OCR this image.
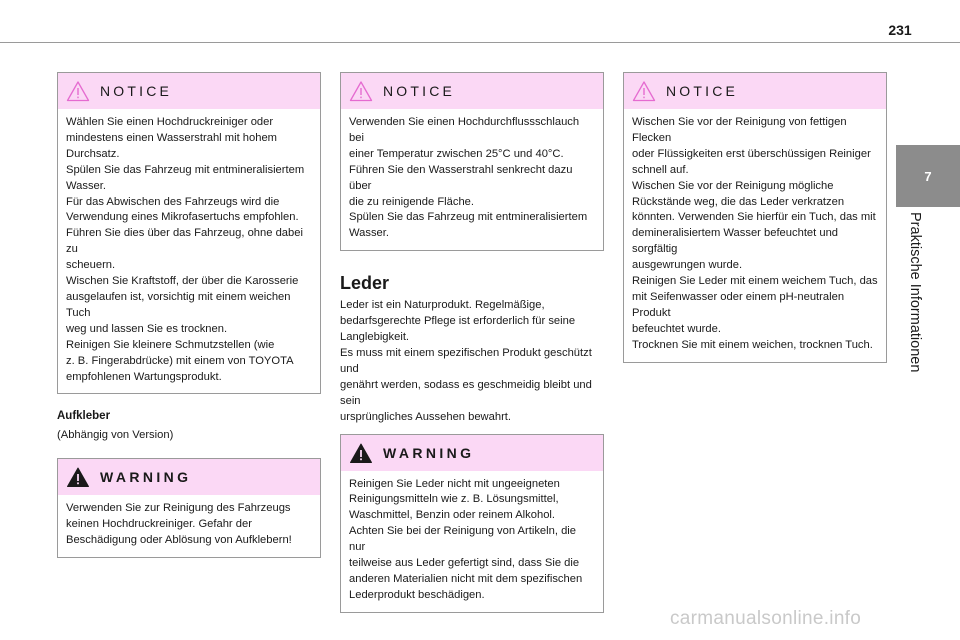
231
7
Praktische Informationen
NOTICE

Wählen Sie einen Hochdruckreiniger oder

mindestens einen Wasserstrahl mit hohem

Durchsatz.

Spülen Sie das Fahrzeug mit entmineralisiertem

Wasser.

Für das Abwischen des Fahrzeugs wird die

Verwendung eines Mikrofasertuchs empfohlen.

Führen Sie dies über das Fahrzeug, ohne dabei zu

scheuern.

Wischen Sie Kraftstoff, der über die Karosserie

ausgelaufen ist, vorsichtig mit einem weichen Tuch

weg und lassen Sie es trocknen.

Reinigen Sie kleinere Schmutzstellen (wie

z. B. Fingerabdrücke) mit einem von TOYOTA

empfohlenen Wartungsprodukt.

Aufkleber

(Abhängig von Version)

WARNING

Verwenden Sie zur Reinigung des Fahrzeugs

keinen Hochdruckreiniger. Gefahr der

Beschädigung oder Ablösung von Aufklebern!

NOTICE

Verwenden Sie einen Hochdurchflussschlauch bei

einer Temperatur zwischen 25°C und 40°C.

Führen Sie den Wasserstrahl senkrecht dazu über

die zu reinigende Fläche.

Spülen Sie das Fahrzeug mit entmineralisiertem

Wasser.

Leder

Leder ist ein Naturprodukt. Regelmäßige,

bedarfsgerechte Pflege ist erforderlich für seine

Langlebigkeit.

Es muss mit einem spezifischen Produkt geschützt und

genährt werden, sodass es geschmeidig bleibt und sein

ursprüngliches Aussehen bewahrt.

WARNING

Reinigen Sie Leder nicht mit ungeeigneten

Reinigungsmitteln wie z. B. Lösungsmittel,

Waschmittel, Benzin oder reinem Alkohol.

Achten Sie bei der Reinigung von Artikeln, die nur

teilweise aus Leder gefertigt sind, dass Sie die

anderen Materialien nicht mit dem spezifischen

Lederprodukt beschädigen.

NOTICE

Wischen Sie vor der Reinigung von fettigen Flecken

oder Flüssigkeiten erst überschüssigen Reiniger

schnell auf.

Wischen Sie vor der Reinigung mögliche

Rückstände weg, die das Leder verkratzen

könnten. Verwenden Sie hierfür ein Tuch, das mit

demineralisiertem Wasser befeuchtet und sorgfältig

ausgewrungen wurde.

Reinigen Sie Leder mit einem weichem Tuch, das

mit Seifenwasser oder einem pH-neutralen Produkt

befeuchtet wurde.

Trocknen Sie mit einem weichen, trocknen Tuch.

carmanualsonline.info
